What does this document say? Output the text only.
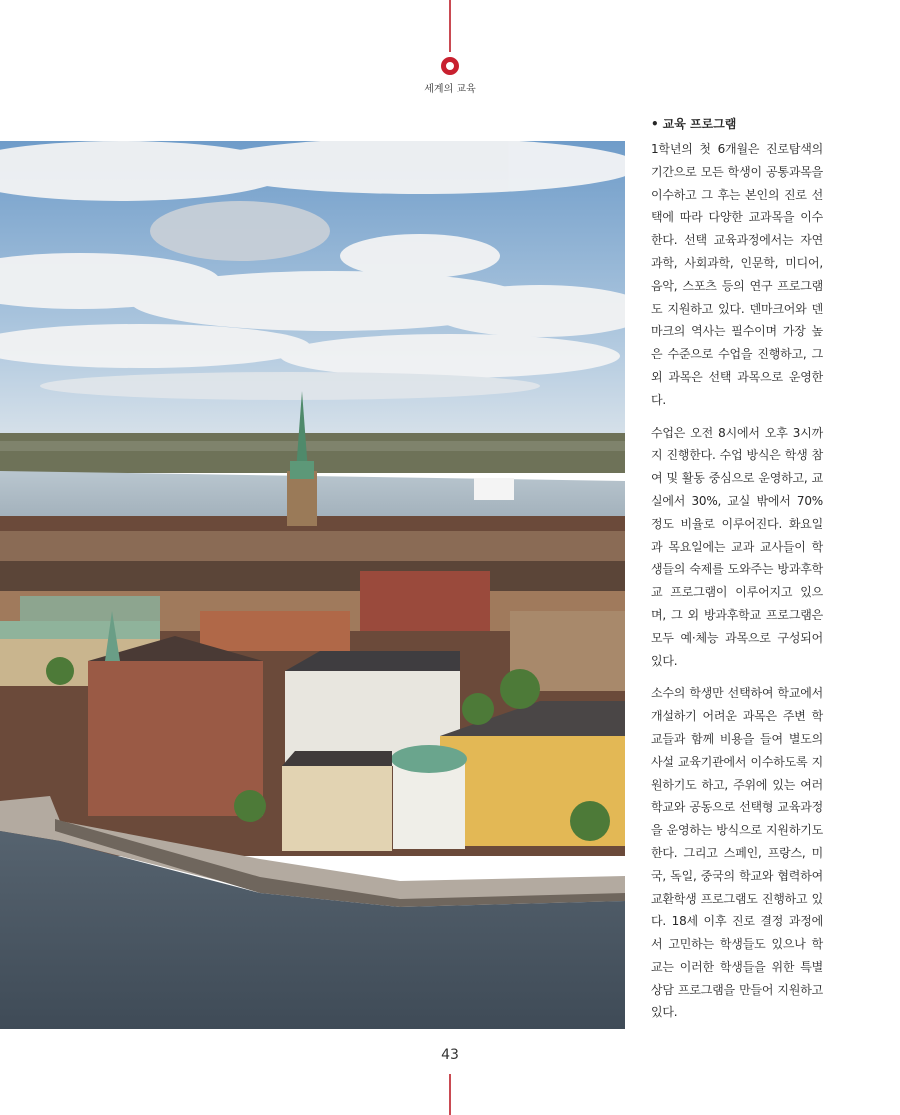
세계의 교육
• 교육 프로그램

1학년의 첫 6개월은 진로탐색의 기간으로 모든 학생이 공통과목을 이수하고 그 후는 본인의 진로 선택에 따라 다양한 교과목을 이수한다. 선택 교육과정에서는 자연과학, 사회과학, 인문학, 미디어, 음악, 스포츠 등의 연구 프로그램도 지원하고 있다. 덴마크어와 덴마크의 역사는 필수이며 가장 높은 수준으로 수업을 진행하고, 그 외 과목은 선택 과목으로 운영한다.

수업은 오전 8시에서 오후 3시까지 진행한다. 수업 방식은 학생 참여 및 활동 중심으로 운영하고, 교실에서 30%, 교실 밖에서 70%정도 비율로 이루어진다. 화요일과 목요일에는 교과 교사들이 학생들의 숙제를 도와주는 방과후학교 프로그램이 이루어지고 있으며, 그 외 방과후학교 프로그램은 모두 예·체능 과목으로 구성되어 있다.

소수의 학생만 선택하여 학교에서 개설하기 어려운 과목은 주변 학교들과 함께 비용을 들여 별도의 사설 교육기관에서 이수하도록 지원하기도 하고, 주위에 있는 여러 학교와 공동으로 선택형 교육과정을 운영하는 방식으로 지원하기도 한다. 그리고 스페인, 프랑스, 미국, 독일, 중국의 학교와 협력하여 교환학생 프로그램도 진행하고 있다. 18세 이후 진로 결정 과정에서 고민하는 학생들도 있으나 학교는 이러한 학생들을 위한 특별 상담 프로그램을 만들어 지원하고 있다.

43
